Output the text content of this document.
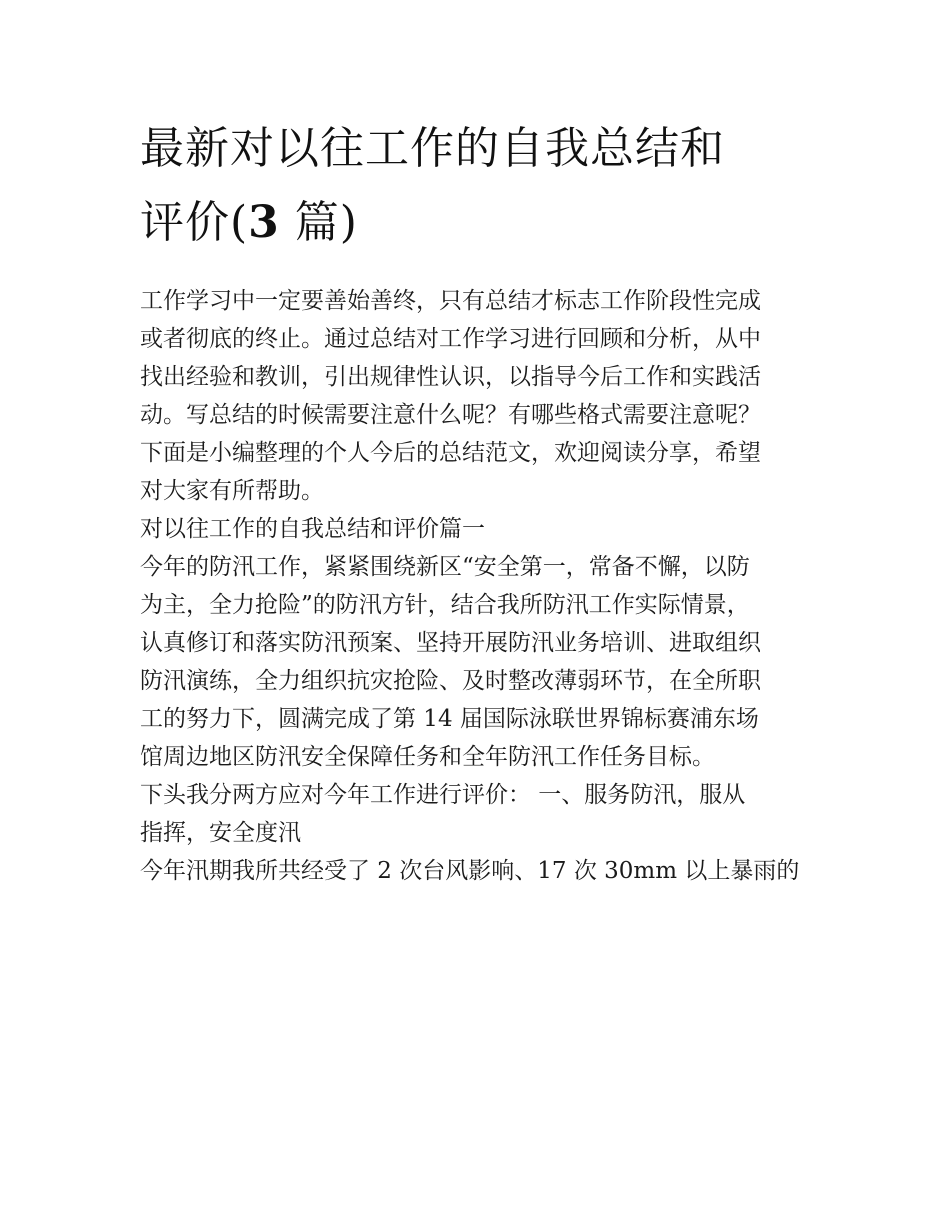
最新对以往工作的自我总结和
评价(3 篇)
工作学习中一定要善始善终，只有总结才标志工作阶段性完成
或者彻底的终止。通过总结对工作学习进行回顾和分析，从中
找出经验和教训，引出规律性认识，以指导今后工作和实践活
动。写总结的时候需要注意什么呢？有哪些格式需要注意呢？
下面是小编整理的个人今后的总结范文，欢迎阅读分享，希望
对大家有所帮助。
对以往工作的自我总结和评价篇一
今年的防汛工作，紧紧围绕新区“安全第一，常备不懈，以防
为主，全力抢险”的防汛方针，结合我所防汛工作实际情景，
认真修订和落实防汛预案、坚持开展防汛业务培训、进取组织
防汛演练，全力组织抗灾抢险、及时整改薄弱环节，在全所职
工的努力下，圆满完成了第 14 届国际泳联世界锦标赛浦东场
馆周边地区防汛安全保障任务和全年防汛工作任务目标。
下头我分两方应对今年工作进行评价： 一、服务防汛，服从
指挥，安全度汛
今年汛期我所共经受了 2 次台风影响、17 次 30mm 以上暴雨的
